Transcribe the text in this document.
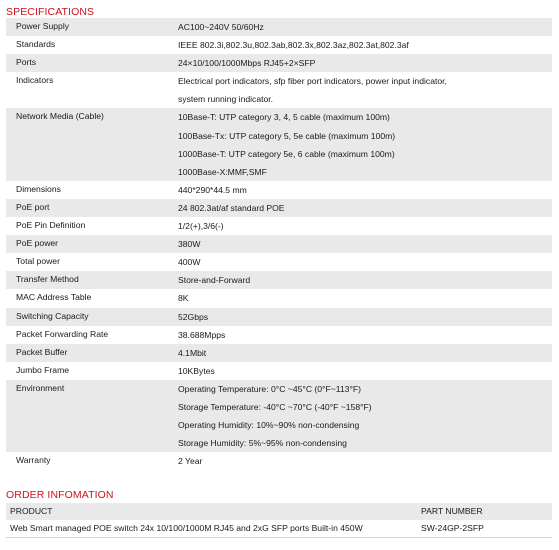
SPECIFICATIONS
Power Supply	AC100~240V 50/60Hz

Standards	IEEE 802.3i,802.3u,802.3ab,802.3x,802.3az,802.3at,802.3af

Ports	24×10/100/1000Mbps RJ45+2×SFP

Indicators	Electrical port indicators, sfp fiber port indicators, power input indicator,
system running indicator.

Network Media (Cable)	10Base-T: UTP category 3, 4, 5 cable (maximum 100m)
100Base-Tx: UTP category 5, 5e cable (maximum 100m)
1000Base-T: UTP category 5e, 6 cable (maximum 100m)
1000Base-X:MMF,SMF

Dimensions	440*290*44.5 mm

PoE port	24 802.3at/af standard POE

PoE Pin Definition	1/2(+),3/6(-)

PoE power	380W

Total power	400W

Transfer Method	Store-and-Forward

MAC Address Table	8K

Switching Capacity	52Gbps

Packet Forwarding Rate	38.688Mpps

Packet Buffer	4.1Mbit

Jumbo Frame	10KBytes

Environment	Operating Temperature: 0°C ~45°C (0°F~113°F)
Storage Temperature: -40°C ~70°C (-40°F ~158°F)
Operating Humidity: 10%~90% non-condensing
Storage Humidity: 5%~95% non-condensing

Warranty	2 Year
ORDER INFOMATION
PRODUCT	PART NUMBER
Web Smart managed POE switch 24x 10/100/1000M RJ45 and 2xG SFP ports Built-in 450W	SW-24GP-2SFP
